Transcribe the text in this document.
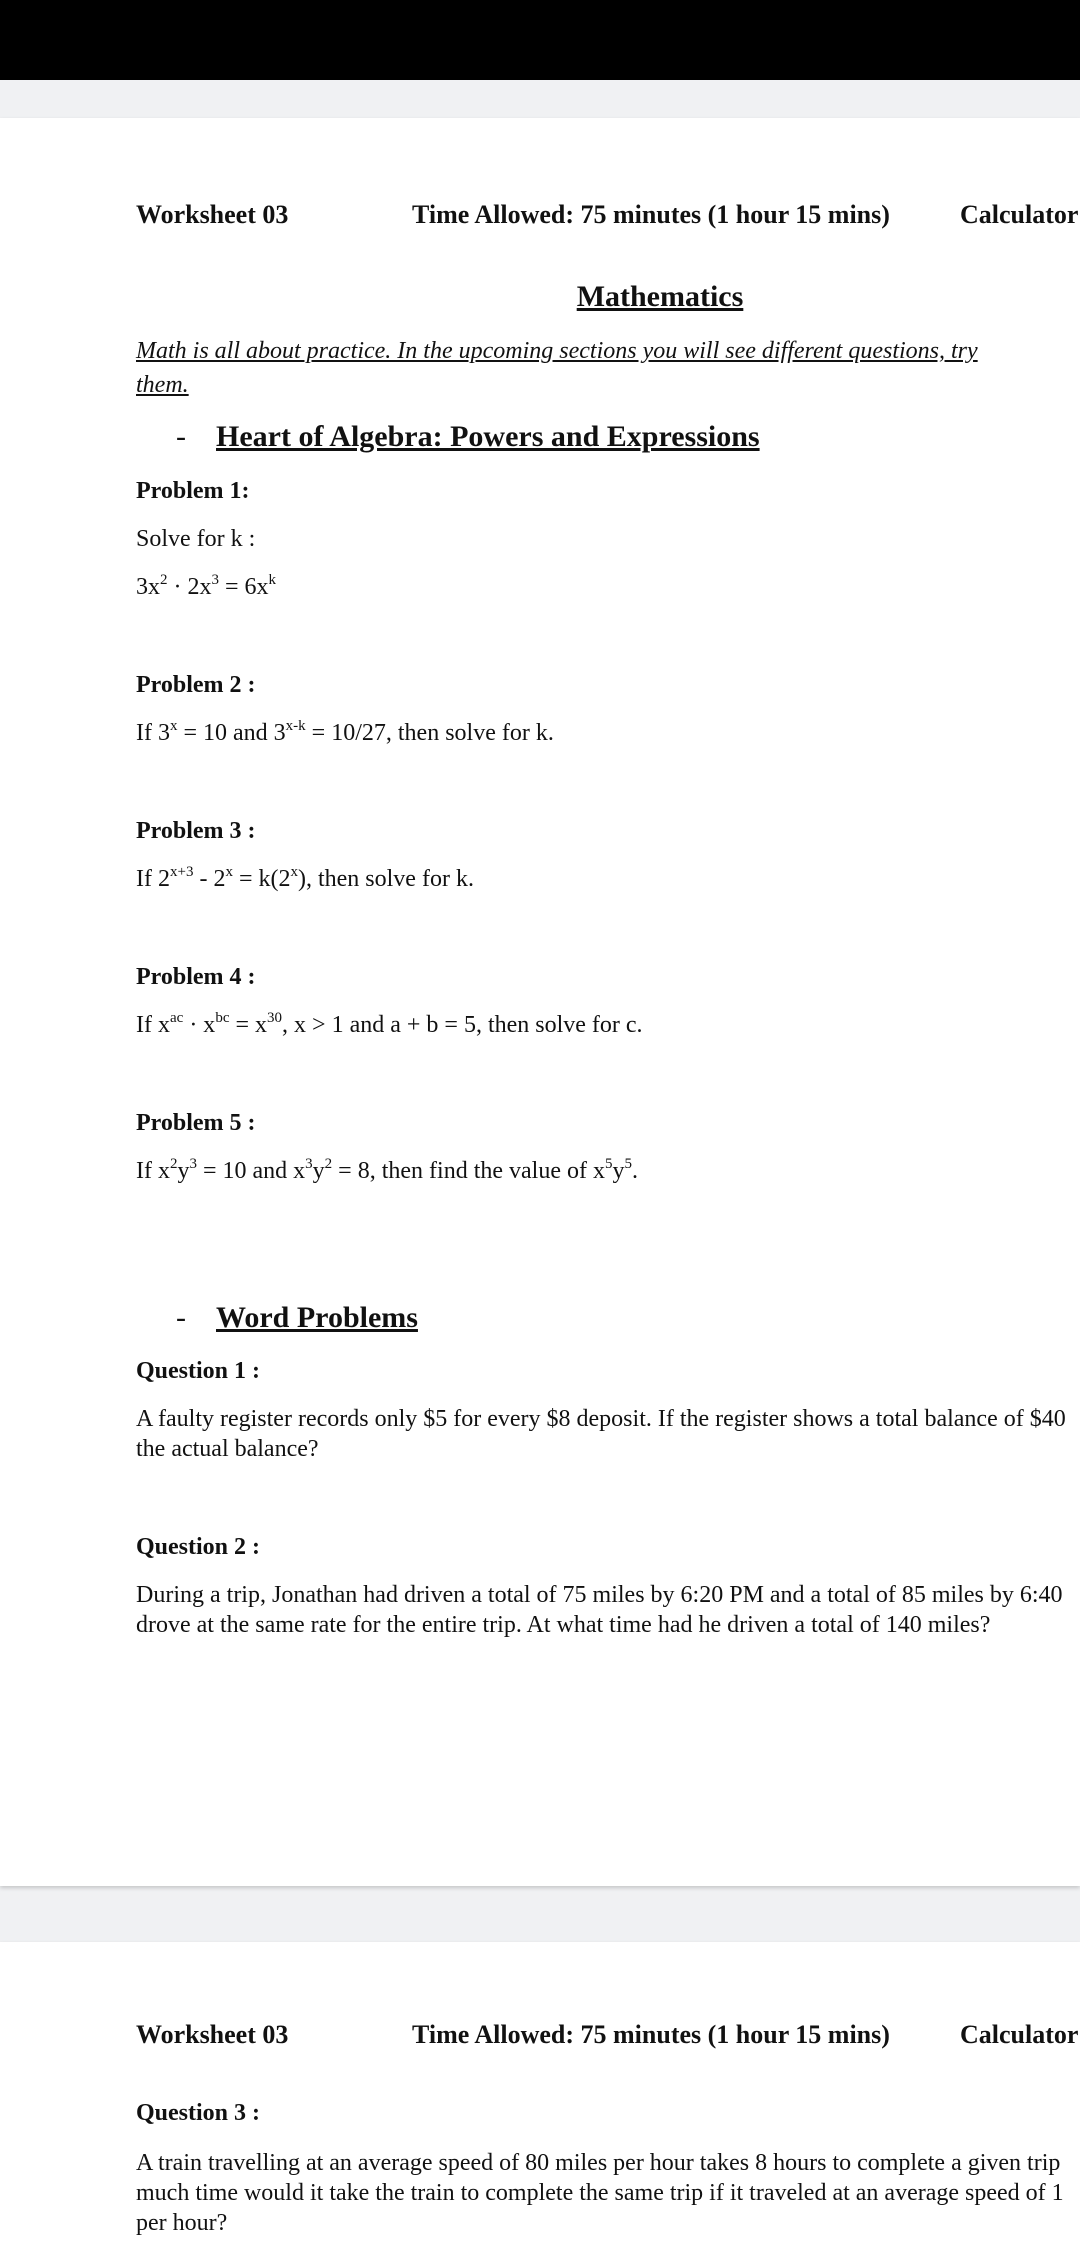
Worksheet 03	Time Allowed: 75 minutes (1 hour 15 mins)	Calculator
Mathematics
Math is all about practice. In the upcoming sections you will see different questions, try
them.
- Heart of Algebra: Powers and Expressions
Problem 1:
Solve for k :
$3x^2 \cdot 2x^3 = 6x^k$
Problem 2 :
If $3^x = 10$ and $3^{x-k} = 10/27$, then solve for k.
Problem 3 :
If $2^{x+3} - 2^x = k(2^x)$, then solve for k.
Problem 4 :
If $x^{ac} \cdot x^{bc} = x^{30}$, x > 1 and a + b = 5, then solve for c.
Problem 5 :
If $x^2y^3 = 10$ and $x^3y^2 = 8$, then find the value of $x^5y^5$.
- Word Problems
Question 1 :
A faulty register records only $5 for every $8 deposit. If the register shows a total balance of $40
the actual balance?
Question 2 :
During a trip, Jonathan had driven a total of 75 miles by 6:20 PM and a total of 85 miles by 6:40
drove at the same rate for the entire trip. At what time had he driven a total of 140 miles?
Worksheet 03	Time Allowed: 75 minutes (1 hour 15 mins)	Calculator
Question 3 :
A train travelling at an average speed of 80 miles per hour takes 8 hours to complete a given trip
much time would it take the train to complete the same trip if it traveled at an average speed of 1
per hour?
